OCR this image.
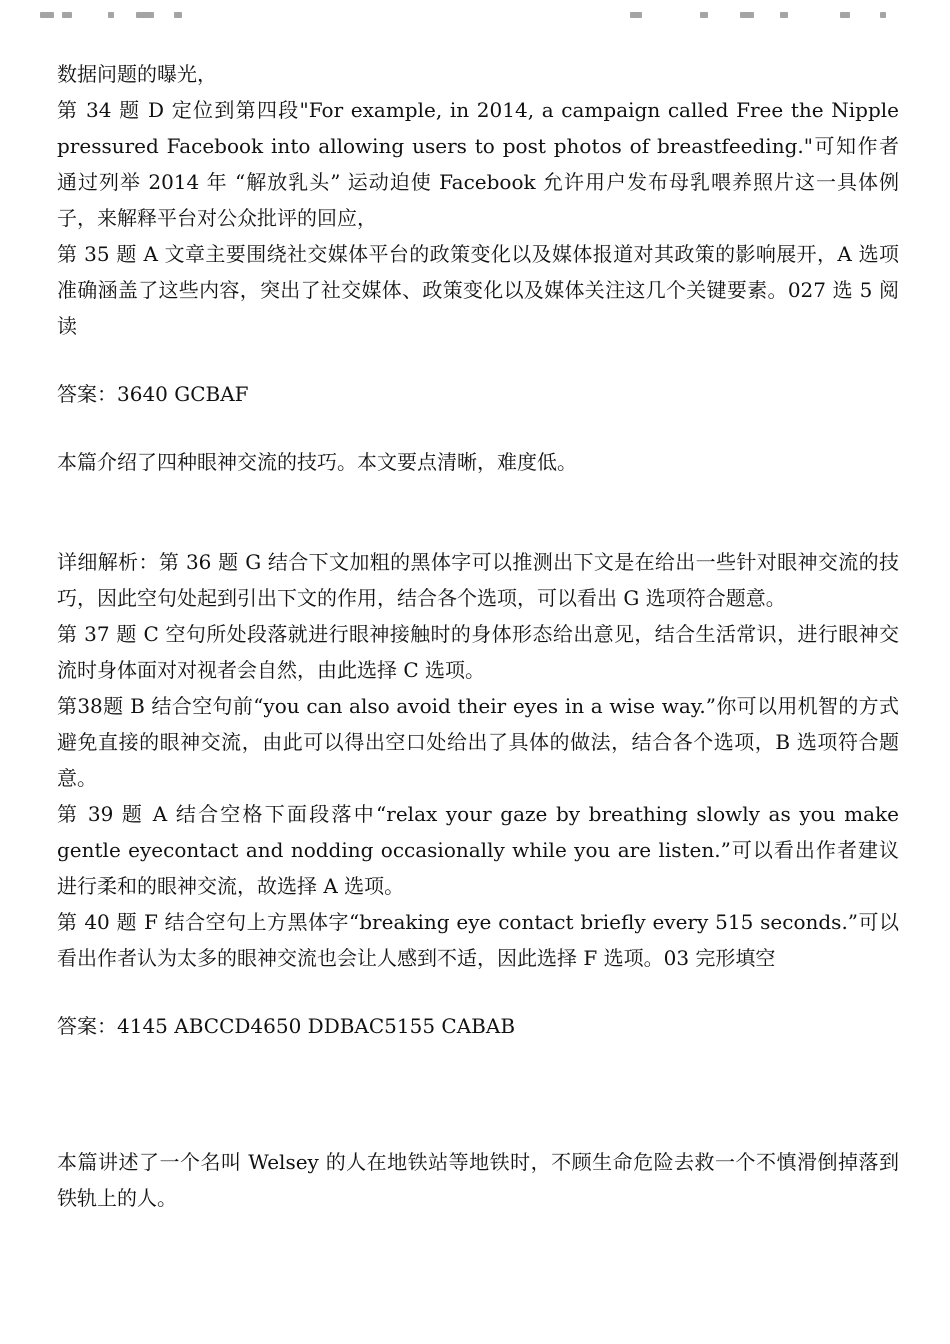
数据问题的曝光，

第 34 题 D 定位到第四段"For example, in 2014, a campaign called Free the Nipple pressured Facebook into allowing users to post photos of breastfeeding."可知作者通过列举 2014 年 “解放乳头” 运动迫使 Facebook 允许用户发布母乳喂养照片这一具体例子，来解释平台对公众批评的回应，

第 35 题 A 文章主要围绕社交媒体平台的政策变化以及媒体报道对其政策的影响展开，A 选项准确涵盖了这些内容，突出了社交媒体、政策变化以及媒体关注这几个关键要素。027 选 5 阅读

答案：3640 GCBAF

本篇介绍了四种眼神交流的技巧。本文要点清晰，难度低。

详细解析：第 36 题 G 结合下文加粗的黑体字可以推测出下文是在给出一些针对眼神交流的技巧，因此空句处起到引出下文的作用，结合各个选项，可以看出 G 选项符合题意。

第 37 题 C 空句所处段落就进行眼神接触时的身体形态给出意见，结合生活常识，进行眼神交流时身体面对对视者会自然，由此选择 C 选项。

第38题 B 结合空句前“you can also avoid their eyes in a wise way.”你可以用机智的方式避免直接的眼神交流，由此可以得出空口处给出了具体的做法，结合各个选项，B 选项符合题意。

第 39 题 A 结合空格下面段落中“relax your gaze by breathing slowly as you make gentle eyecontact and nodding occasionally while you are listen.”可以看出作者建议进行柔和的眼神交流，故选择 A 选项。

第 40 题 F 结合空句上方黑体字“breaking eye contact briefly every 515 seconds.”可以看出作者认为太多的眼神交流也会让人感到不适，因此选择 F 选项。03 完形填空

答案：4145 ABCCD4650 DDBAC5155 CABAB

本篇讲述了一个名叫 Welsey 的人在地铁站等地铁时，不顾生命危险去救一个不慎滑倒掉落到铁轨上的人。
